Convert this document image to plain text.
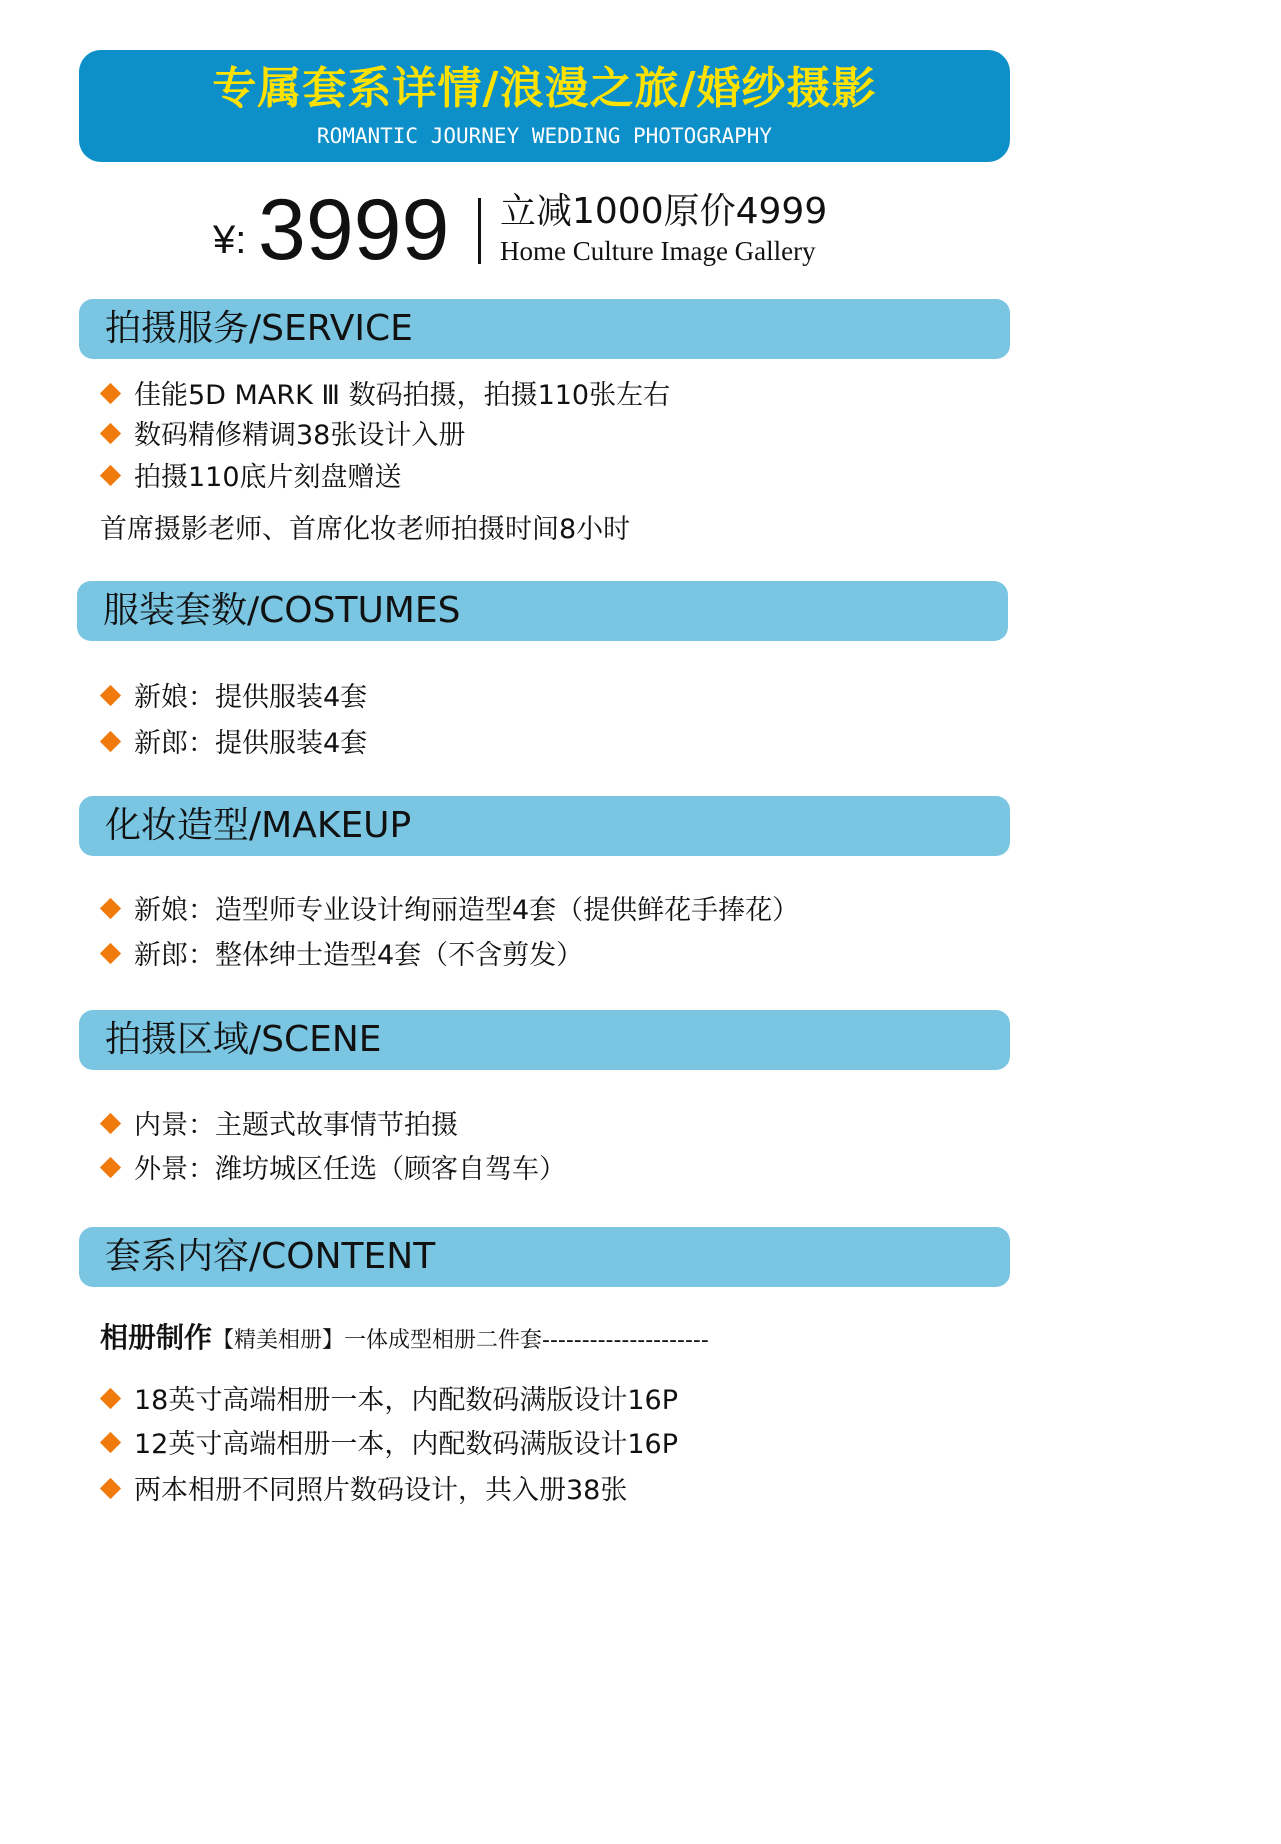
专属套系详情/浪漫之旅/婚纱摄影
ROMANTIC JOURNEY WEDDING PHOTOGRAPHY
¥: 3999 立减1000原价4999
Home Culture Image Gallery
拍摄服务/SERVICE
佳能5D MARK Ⅲ 数码拍摄，拍摄110张左右
数码精修精调38张设计入册
拍摄110底片刻盘赠送
首席摄影老师、首席化妆老师拍摄时间8小时
服装套数/COSTUMES
新娘：提供服装4套
新郎：提供服装4套
化妆造型/MAKEUP
新娘：造型师专业设计绚丽造型4套（提供鲜花手捧花）
新郎：整体绅士造型4套（不含剪发）
拍摄区域/SCENE
内景：主题式故事情节拍摄
外景：潍坊城区任选（顾客自驾车）
套系内容/CONTENT
相册制作【精美相册】一体成型相册二件套---------------------
18英寸高端相册一本，内配数码满版设计16P
12英寸高端相册一本，内配数码满版设计16P
两本相册不同照片数码设计，共入册38张
